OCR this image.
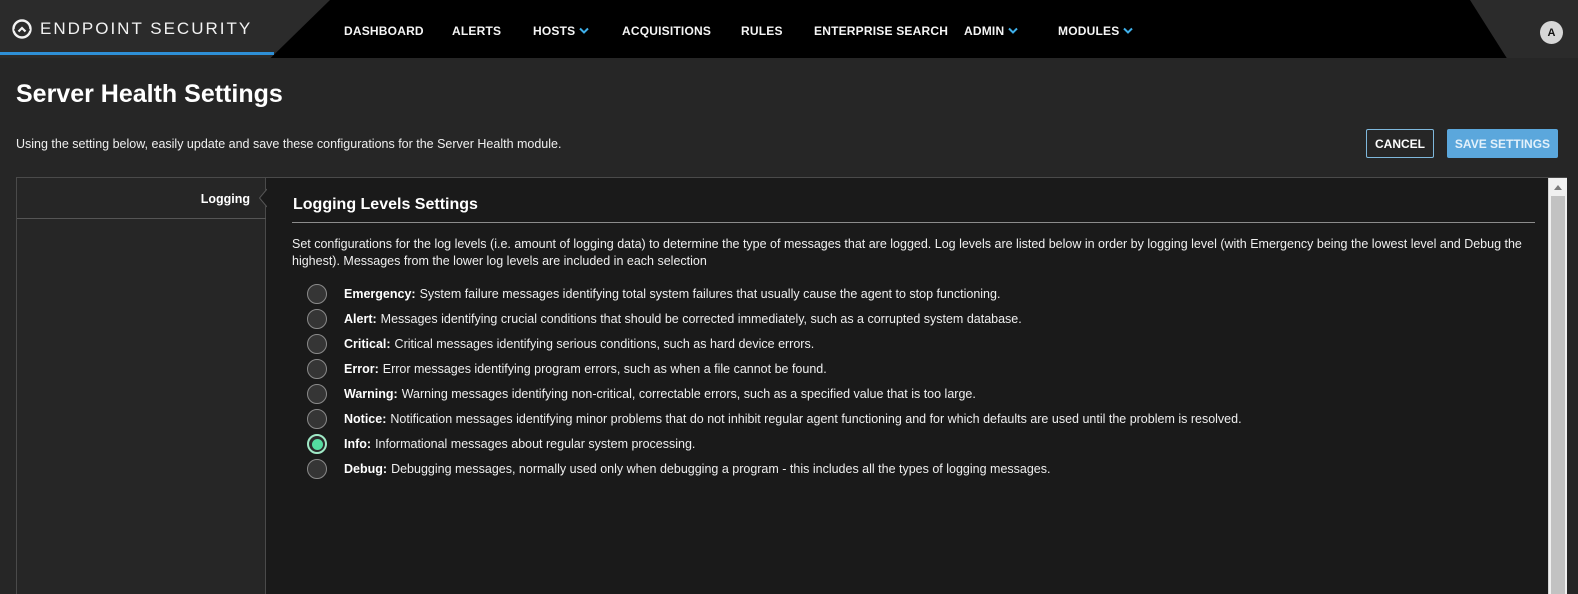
ENDPOINT SECURITY	DASHBOARD ALERTS	HOSTS	ACQUISITIONS RULES	ENTERPRISE SEARCH ADMIN	MODULES	A
Server Health Settings

Using the setting below, easily update and save these configurations for the Server Health module.	CANCEL	SAVE SETTINGS
Logging	Logging Levels Settings

Set configurations for the log levels (i.e. amount of logging data) to determine the type of messages that are logged. Log levels are listed below in order by logging level (with Emergency being the lowest level and Debug the highest). Messages from the lower log levels are included in each selection

Emergency: System failure messages identifying total system failures that usually cause the agent to stop functioning.
Alert: Messages identifying crucial conditions that should be corrected immediately, such as a corrupted system database.
Critical: Critical messages identifying serious conditions, such as hard device errors.
Error: Error messages identifying program errors, such as when a file cannot be found.
Warning: Warning messages identifying non-critical, correctable errors, such as a specified value that is too large.
Notice: Notification messages identifying minor problems that do not inhibit regular agent functioning and for which defaults are used until the problem is resolved.
Info: Informational messages about regular system processing.
Debug: Debugging messages, normally used only when debugging a program - this includes all the types of logging messages.
